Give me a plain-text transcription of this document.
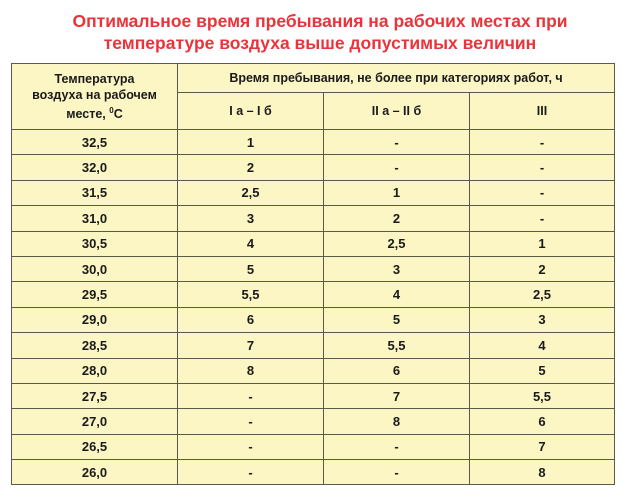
Оптимальное время пребывания на рабочих местах при
температуре воздуха выше допустимых величин
Температура
воздуха на рабочем
месте, $^0$С	Время пребывания, не более при категориях работ, ч		
	I а – I б	II а – II б	III
32,5	1	-	-
32,0	2	-	-
31,5	2,5	1	-
31,0	3	2	-
30,5	4	2,5	1
30,0	5	3	2
29,5	5,5	4	2,5
29,0	6	5	3
28,5	7	5,5	4
28,0	8	6	5
27,5	-	7	5,5
27,0	-	8	6
26,5	-	-	7
26,0	-	-	8
